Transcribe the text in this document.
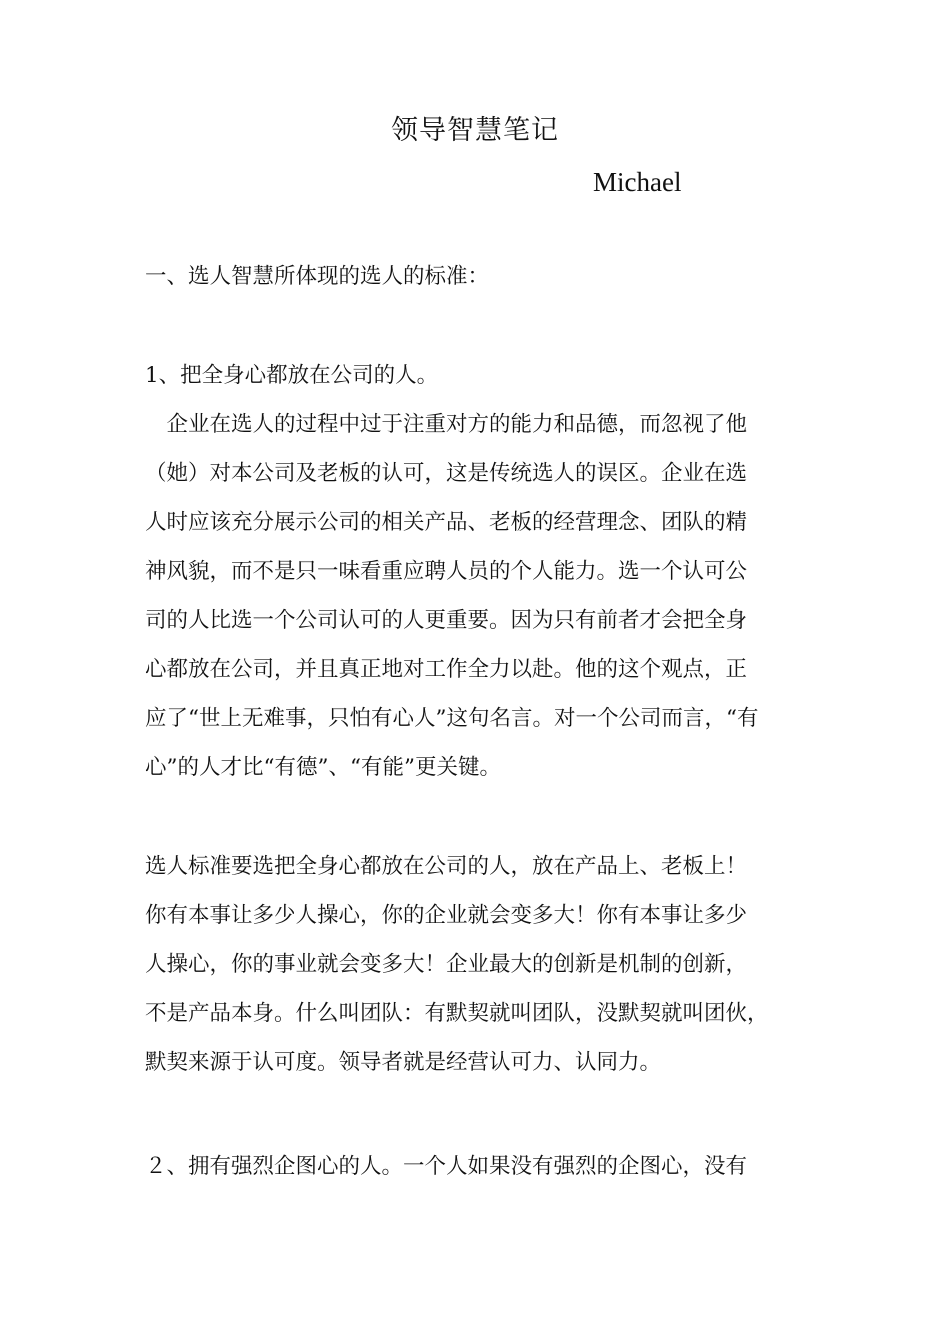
领导智慧笔记
Michael
一、选人智慧所体现的选人的标准：
1、把全身心都放在公司的人。
　企业在选人的过程中过于注重对方的能力和品德，而忽视了他
（她）对本公司及老板的认可，这是传统选人的误区。企业在选
人时应该充分展示公司的相关产品、老板的经营理念、团队的精
神风貌，而不是只一味看重应聘人员的个人能力。选一个认可公
司的人比选一个公司认可的人更重要。因为只有前者才会把全身
心都放在公司，并且真正地对工作全力以赴。他的这个观点，正
应了“世上无难事，只怕有心人”这句名言。对一个公司而言，“有
心”的人才比“有德”、“有能”更关键。
选人标准要选把全身心都放在公司的人，放在产品上、老板上！
你有本事让多少人操心，你的企业就会变多大！你有本事让多少
人操心，你的事业就会变多大！企业最大的创新是机制的创新，
不是产品本身。什么叫团队：有默契就叫团队，没默契就叫团伙，
默契来源于认可度。领导者就是经营认可力、认同力。
２、拥有强烈企图心的人。一个人如果没有强烈的企图心，没有
